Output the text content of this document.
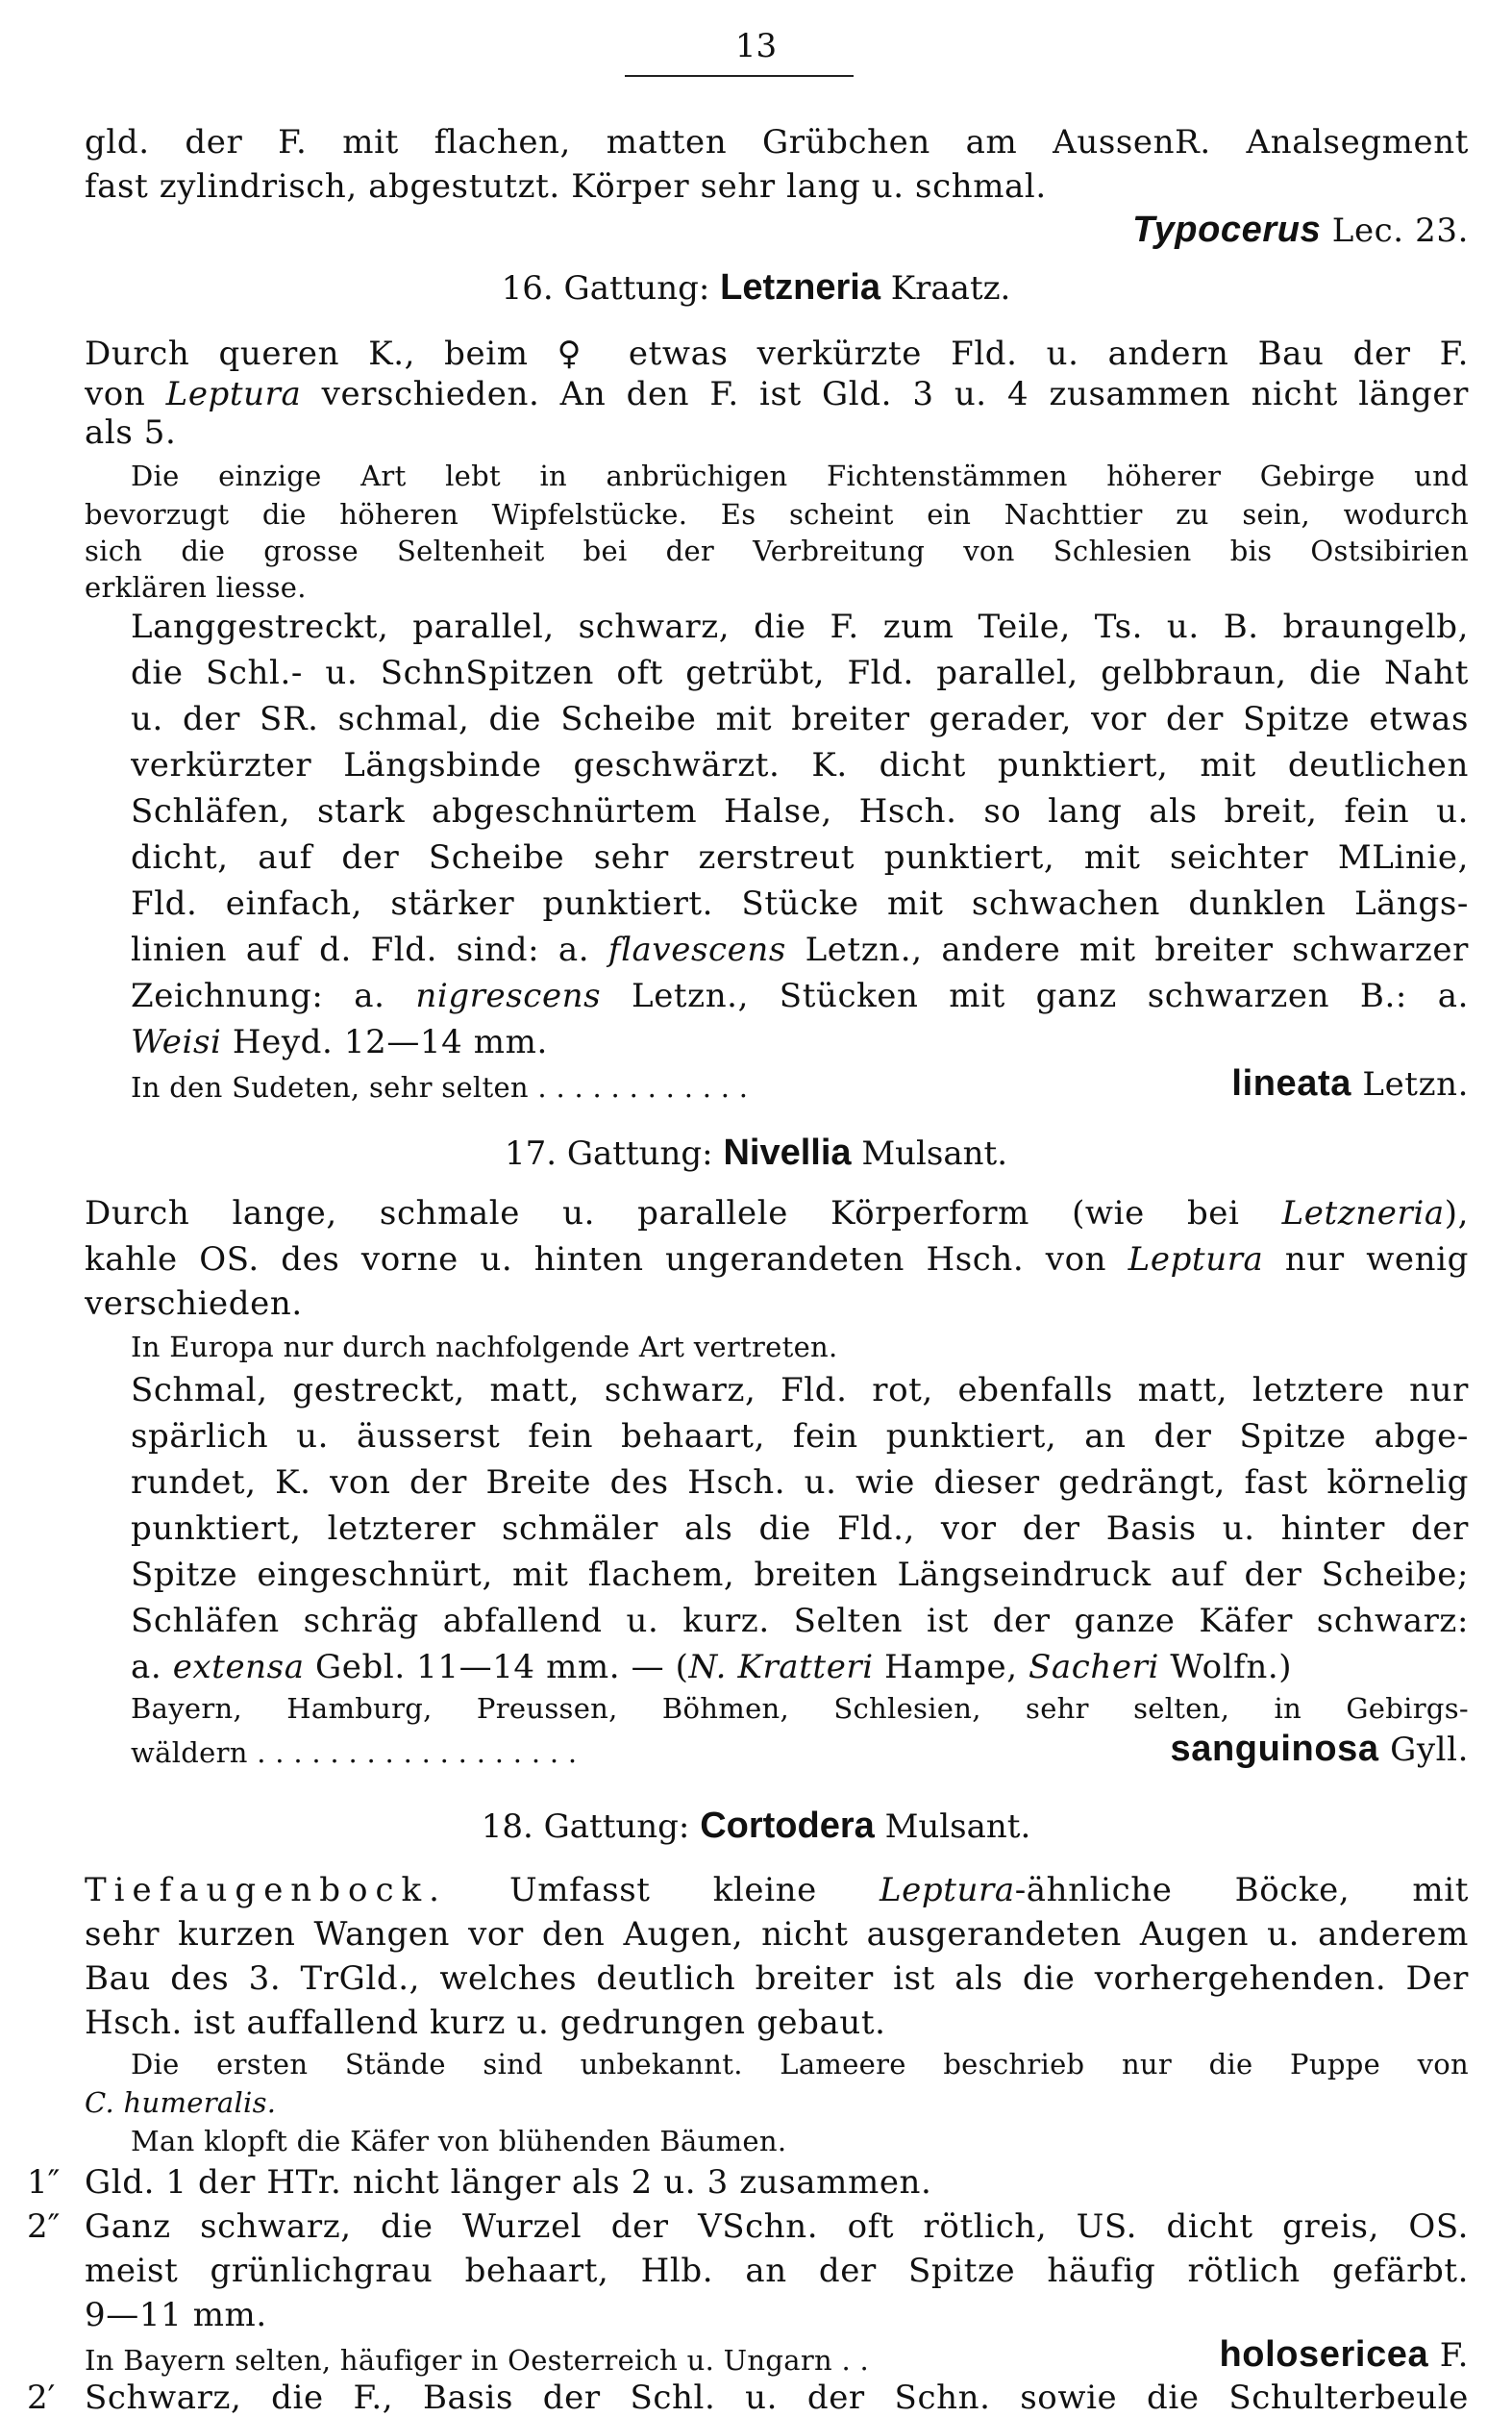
13
gld. der F. mit flachen, matten Grübchen am AussenR. Analsegment
fast zylindrisch, abgestutzt. Körper sehr lang u. schmal.
Typocerus Lec. 23.
16. Gattung: Letzneria Kraatz.
Durch queren K., beim ♀ etwas verkürzte Fld. u. andern Bau der F.
von Leptura verschieden. An den F. ist Gld. 3 u. 4 zusammen nicht länger
als 5.
Die einzige Art lebt in anbrüchigen Fichtenstämmen höherer Gebirge und
bevorzugt die höheren Wipfelstücke. Es scheint ein Nachttier zu sein, wodurch
sich die grosse Seltenheit bei der Verbreitung von Schlesien bis Ostsibirien
erklären liesse.
Langgestreckt, parallel, schwarz, die F. zum Teile, Ts. u. B. braungelb,
die Schl.- u. SchnSpitzen oft getrübt, Fld. parallel, gelbbraun, die Naht
u. der SR. schmal, die Scheibe mit breiter gerader, vor der Spitze etwas
verkürzter Längsbinde geschwärzt. K. dicht punktiert, mit deutlichen
Schläfen, stark abgeschnürtem Halse, Hsch. so lang als breit, fein u.
dicht, auf der Scheibe sehr zerstreut punktiert, mit seichter MLinie,
Fld. einfach, stärker punktiert. Stücke mit schwachen dunklen Längs-
linien auf d. Fld. sind: a. flavescens Letzn., andere mit breiter schwarzer
Zeichnung: a. nigrescens Letzn., Stücken mit ganz schwarzen B.: a.
Weisi Heyd. 12—14 mm.
In den Sudeten, sehr selten . . . . . . . . . . . .	lineata Letzn.
17. Gattung: Nivellia Mulsant.
Durch lange, schmale u. parallele Körperform (wie bei Letzneria),
kahle OS. des vorne u. hinten ungerandeten Hsch. von Leptura nur wenig
verschieden.
In Europa nur durch nachfolgende Art vertreten.
Schmal, gestreckt, matt, schwarz, Fld. rot, ebenfalls matt, letztere nur
spärlich u. äusserst fein behaart, fein punktiert, an der Spitze abge-
rundet, K. von der Breite des Hsch. u. wie dieser gedrängt, fast körnelig
punktiert, letzterer schmäler als die Fld., vor der Basis u. hinter der
Spitze eingeschnürt, mit flachem, breiten Längseindruck auf der Scheibe;
Schläfen schräg abfallend u. kurz. Selten ist der ganze Käfer schwarz:
a. extensa Gebl. 11—14 mm. — (N. Kratteri Hampe, Sacheri Wolfn.)
Bayern, Hamburg, Preussen, Böhmen, Schlesien, sehr selten, in Gebirgs-
wäldern . . . . . . . . . . . . . . . . . .	sanguinosa Gyll.
18. Gattung: Cortodera Mulsant.
Tiefaugenbock. Umfasst kleine Leptura-ähnliche Böcke, mit
sehr kurzen Wangen vor den Augen, nicht ausgerandeten Augen u. anderem
Bau des 3. TrGld., welches deutlich breiter ist als die vorhergehenden. Der
Hsch. ist auffallend kurz u. gedrungen gebaut.
Die ersten Stände sind unbekannt. Lameere beschrieb nur die Puppe von
C. humeralis.
Man klopft die Käfer von blühenden Bäumen.
1″ Gld. 1 der HTr. nicht länger als 2 u. 3 zusammen.
2″ Ganz schwarz, die Wurzel der VSchn. oft rötlich, US. dicht greis, OS.
meist grünlichgrau behaart, Hlb. an der Spitze häufig rötlich gefärbt.
9—11 mm.
In Bayern selten, häufiger in Oesterreich u. Ungarn . .	holosericea F.
2′ Schwarz, die F., Basis der Schl. u. der Schn. sowie die Schulterbeule
